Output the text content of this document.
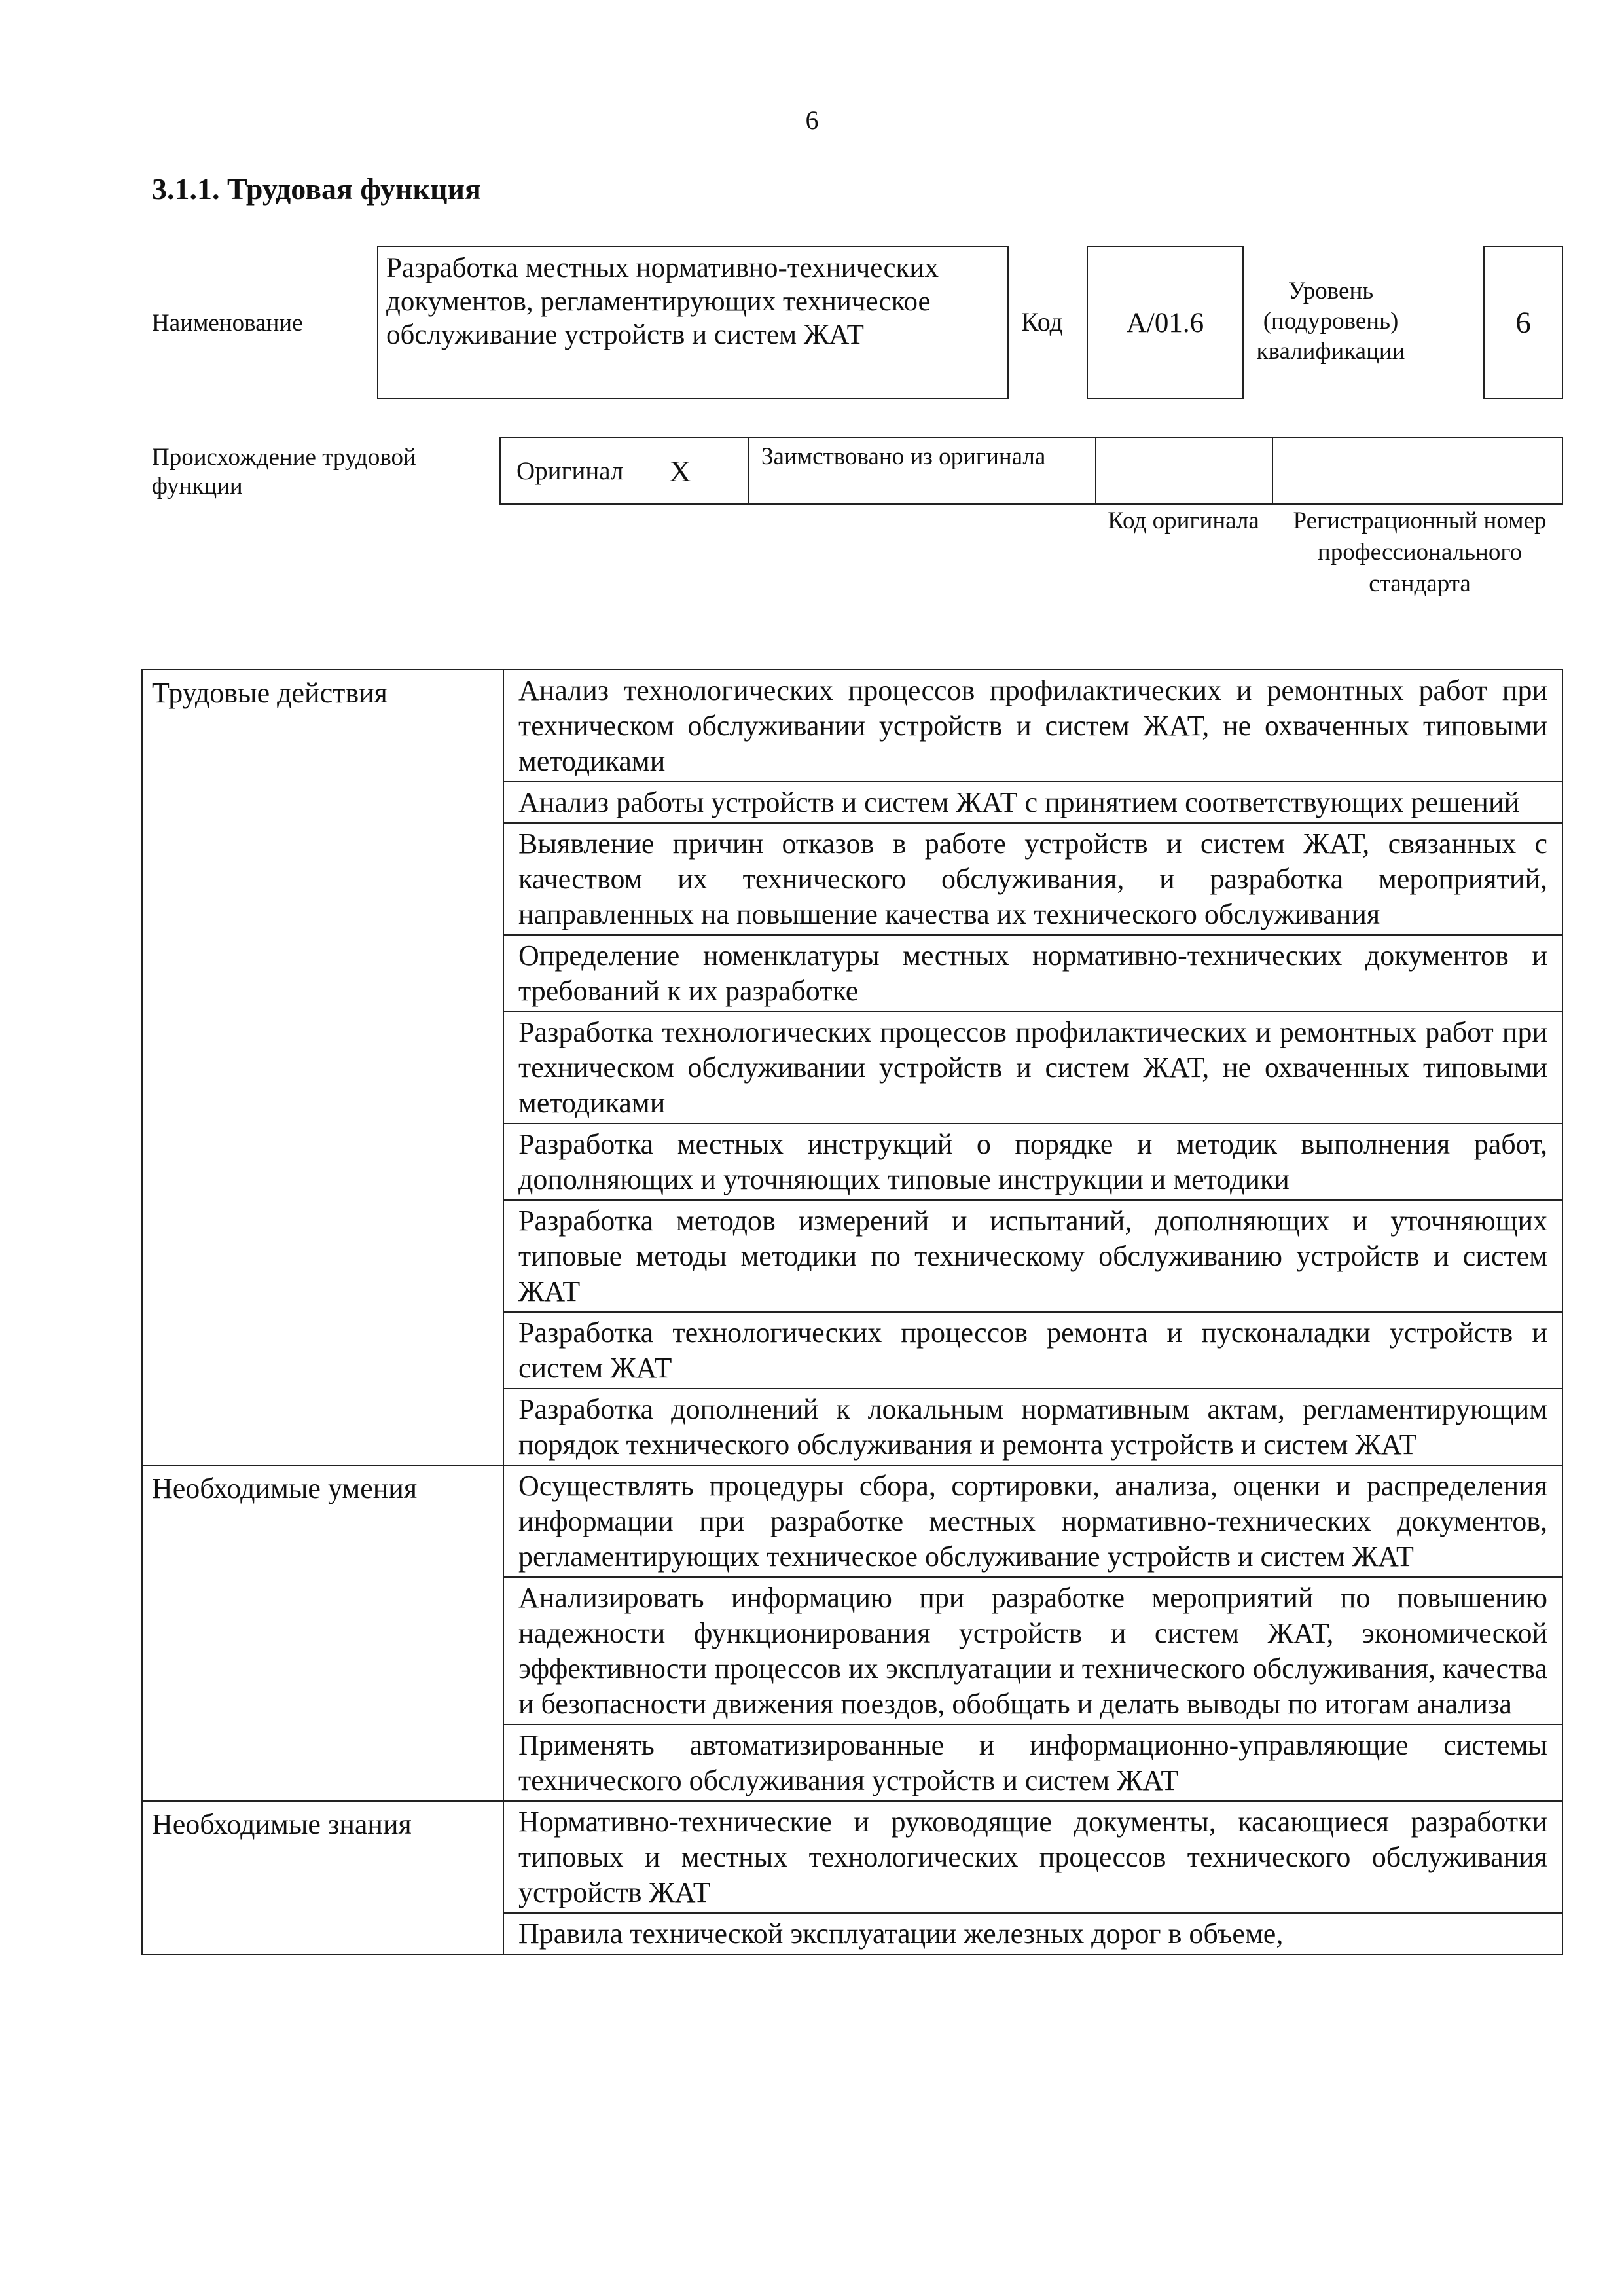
6
3.1.1. Трудовая функция
Наименование
Разработка местных нормативно-технических документов, регламентирующих техническое обслуживание устройств и систем ЖАТ	Код	А/01.6
Уровень (подуровень) квалификации
6
Происхождение трудовой функции
Оригинал X	Заимствовано из оригинала
Код оригинала	Регистрационный номер профессионального стандарта
Трудовые действия	Анализ технологических процессов профилактических и ремонтных работ при техническом обслуживании устройств и систем ЖАТ, не охваченных типовыми методиками
	Анализ работы устройств и систем ЖАТ с принятием соответствующих решений
	Выявление причин отказов в работе устройств и систем ЖАТ, связанных с качеством их технического обслуживания, и разработка мероприятий, направленных на повышение качества их технического обслуживания
	Определение номенклатуры местных нормативно-технических документов и требований к их разработке
	Разработка технологических процессов профилактических и ремонтных работ при техническом обслуживании устройств и систем ЖАТ, не охваченных типовыми методиками
	Разработка местных инструкций о порядке и методик выполнения работ, дополняющих и уточняющих типовые инструкции и методики
	Разработка методов измерений и испытаний, дополняющих и уточняющих типовые методы методики по техническому обслуживанию устройств и систем ЖАТ
	Разработка технологических процессов ремонта и пусконаладки устройств и систем ЖАТ
	Разработка дополнений к локальным нормативным актам, регламентирующим порядок технического обслуживания и ремонта устройств и систем ЖАТ
Необходимые умения	Осуществлять процедуры сбора, сортировки, анализа, оценки и распределения информации при разработке местных нормативно-технических документов, регламентирующих техническое обслуживание устройств и систем ЖАТ
	Анализировать информацию при разработке мероприятий по повышению надежности функционирования устройств и систем ЖАТ, экономической эффективности процессов их эксплуатации и технического обслуживания, качества и безопасности движения поездов, обобщать и делать выводы по итогам анализа
	Применять автоматизированные и информационно-управляющие системы технического обслуживания устройств и систем ЖАТ
Необходимые знания	Нормативно-технические и руководящие документы, касающиеся разработки типовых и местных технологических процессов технического обслуживания устройств ЖАТ
	Правила технической эксплуатации железных дорог в объеме,
